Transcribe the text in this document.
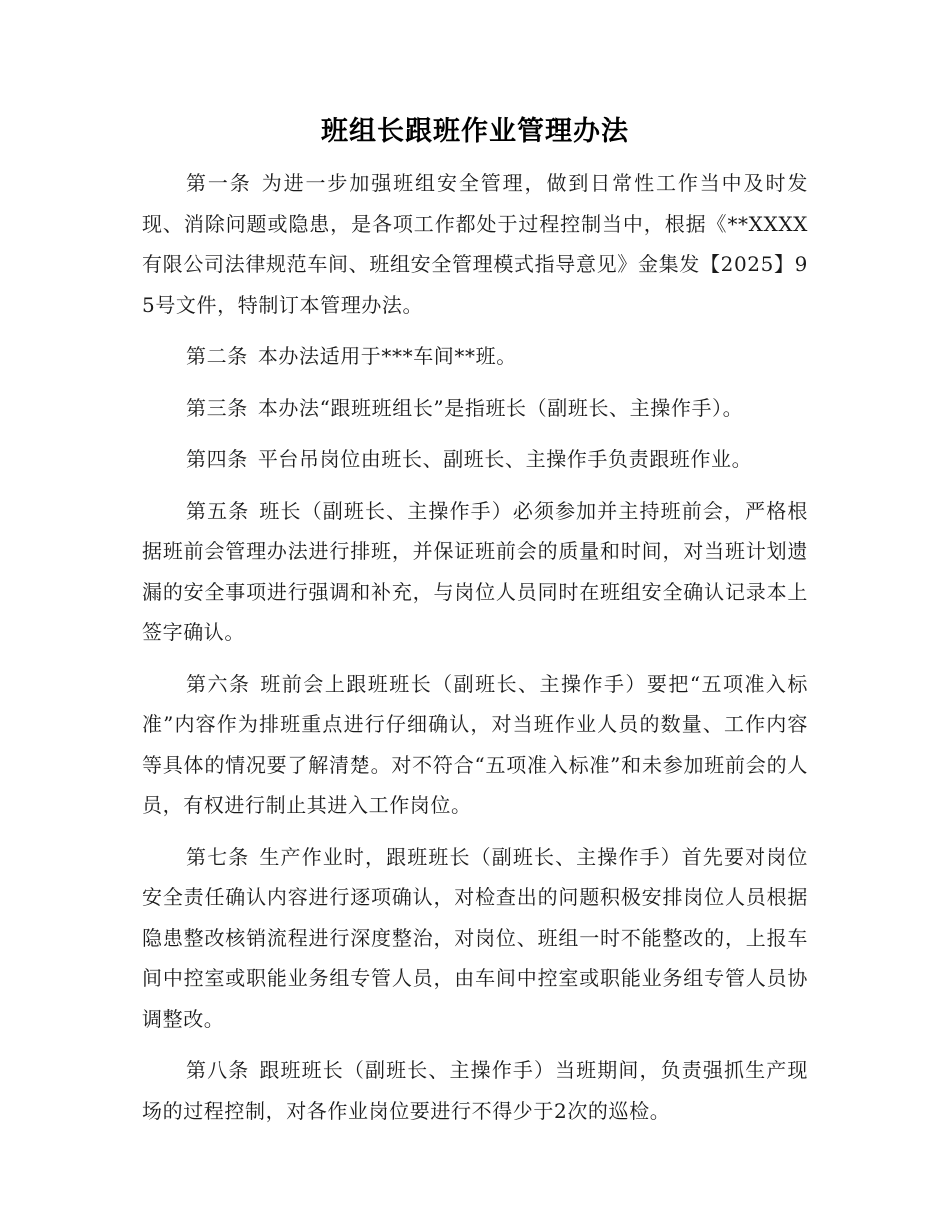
班组长跟班作业管理办法

第一条 为进一步加强班组安全管理，做到日常性工作当中及时发现、消除问题或隐患，是各项工作都处于过程控制当中，根据《**XXXX有限公司法律规范车间、班组安全管理模式指导意见》金集发【2025】95号文件，特制订本管理办法。

第二条 本办法适用于***车间**班。

第三条 本办法“跟班班组长”是指班长（副班长、主操作手）。

第四条 平台吊岗位由班长、副班长、主操作手负责跟班作业。

第五条 班长（副班长、主操作手）必须参加并主持班前会，严格根据班前会管理办法进行排班，并保证班前会的质量和时间，对当班计划遗漏的安全事项进行强调和补充，与岗位人员同时在班组安全确认记录本上签字确认。

第六条 班前会上跟班班长（副班长、主操作手）要把“五项准入标准”内容作为排班重点进行仔细确认，对当班作业人员的数量、工作内容等具体的情况要了解清楚。对不符合“五项准入标准”和未参加班前会的人员，有权进行制止其进入工作岗位。

第七条 生产作业时，跟班班长（副班长、主操作手）首先要对岗位安全责任确认内容进行逐项确认，对检查出的问题积极安排岗位人员根据隐患整改核销流程进行深度整治，对岗位、班组一时不能整改的，上报车间中控室或职能业务组专管人员，由车间中控室或职能业务组专管人员协调整改。

第八条 跟班班长（副班长、主操作手）当班期间，负责强抓生产现场的过程控制，对各作业岗位要进行不得少于2次的巡检。
